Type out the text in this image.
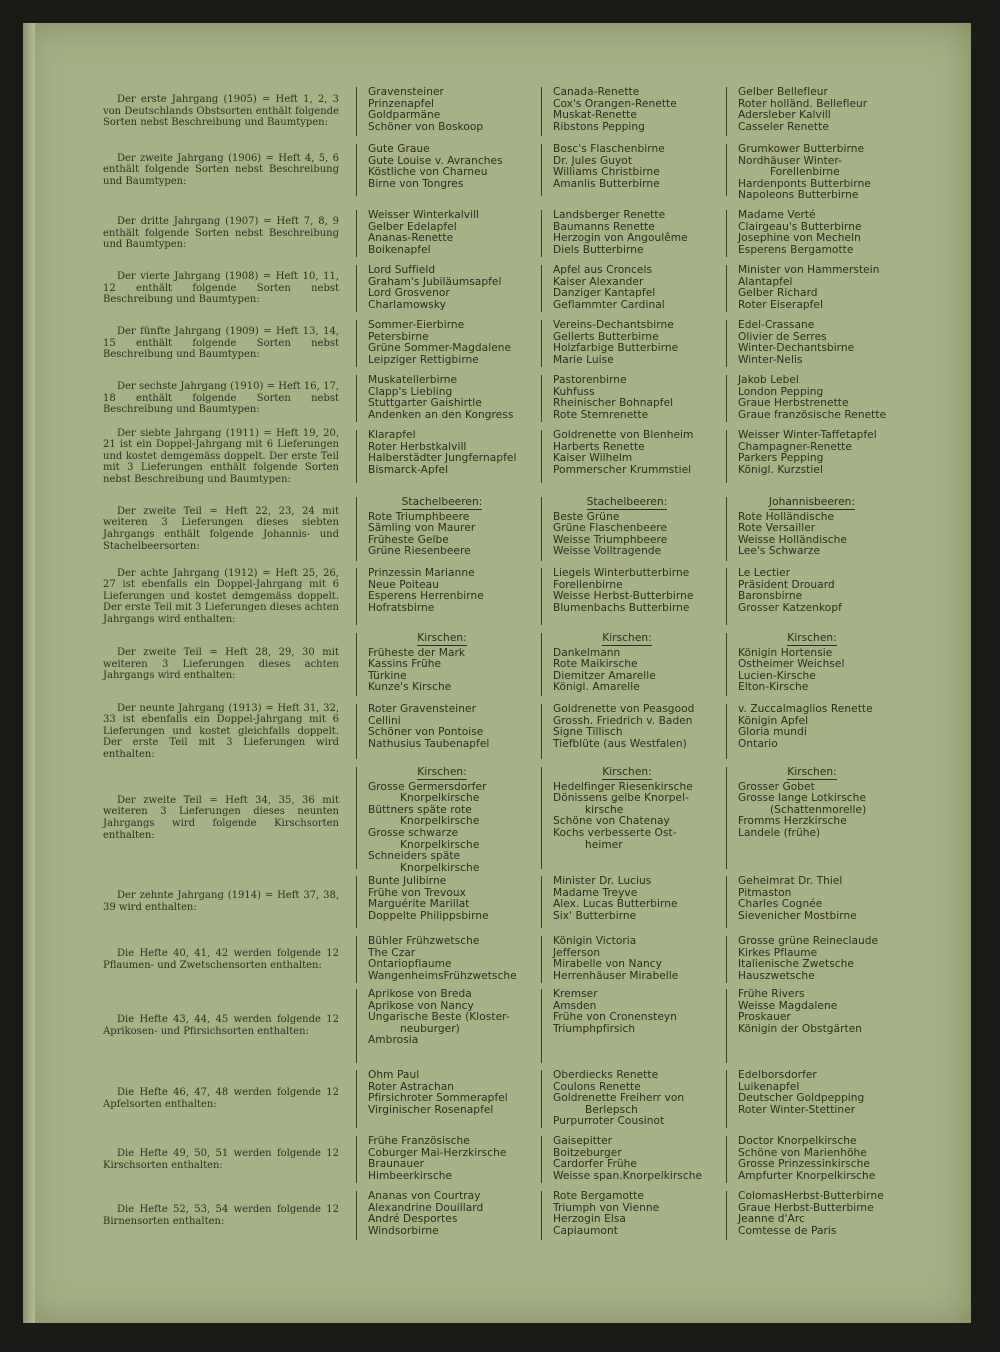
Der erste Jahrgang (1905) = Heft 1, 2, 3 von Deutschlands Obstsorten enthält folgende Sorten nebst Beschreibung und Baumtypen:
Gravensteiner
Prinzenapfel
Goldparmäne
Schöner von Boskoop
Canada-Renette
Cox's Orangen-Renette
Muskat-Renette
Ribstons Pepping
Gelber Bellefleur
Roter holländ. Bellefleur
Adersleber Kalvill
Casseler Renette
Der zweite Jahrgang (1906) = Heft 4, 5, 6 enthält folgende Sorten nebst Beschreibung und Baumtypen:
Gute Graue
Gute Louise v. Avranches
Köstliche von Charneu
Birne von Tongres
Bosc's Flaschenbirne
Dr. Jules Guyot
Williams Christbirne
Amanlis Butterbirne
Grumkower Butterbirne
Nordhäuser Winter-
Forellenbirne
Hardenponts Butterbirne
Napoleons Butterbirne
Der dritte Jahrgang (1907) = Heft 7, 8, 9 enthält folgende Sorten nebst Beschreibung und Baumtypen:
Weisser Winterkalvill
Gelber Edelapfel
Ananas-Renette
Boikenapfel
Landsberger Renette
Baumanns Renette
Herzogin von Angoulême
Diels Butterbirne
Madame Verté
Clairgeau's Butterbirne
Josephine von Mecheln
Esperens Bergamotte
Der vierte Jahrgang (1908) = Heft 10, 11, 12 enthält folgende Sorten nebst Beschreibung und Baumtypen:
Lord Suffield
Graham's Jubiläumsapfel
Lord Grosvenor
Charlamowsky
Apfel aus Croncels
Kaiser Alexander
Danziger Kantapfel
Geflammter Cardinal
Minister von Hammerstein
Alantapfel
Gelber Richard
Roter Eiserapfel
Der fünfte Jahrgang (1909) = Heft 13, 14, 15 enthält folgende Sorten nebst Beschreibung und Baumtypen:
Sommer-Eierbirne
Petersbirne
Grüne Sommer-Magdalene
Leipziger Rettigbirne
Vereins-Dechantsbirne
Gellerts Butterbirne
Holzfarbige Butterbirne
Marie Luise
Edel-Crassane
Olivier de Serres
Winter-Dechantsbirne
Winter-Nelis
Der sechste Jahrgang (1910) = Heft 16, 17, 18 enthält folgende Sorten nebst Beschreibung und Baumtypen:
Muskatellerbirne
Clapp's Liebling
Stuttgarter Gaishirtle
Andenken an den Kongress
Pastorenbirne
Kuhfuss
Rheinischer Bohnapfel
Rote Sternrenette
Jakob Lebel
London Pepping
Graue Herbstrenette
Graue französische Renette
Der siebte Jahrgang (1911) = Heft 19, 20, 21 ist ein Doppel-Jahrgang mit 6 Lieferungen und kostet demgemäss doppelt. Der erste Teil mit 3 Lieferungen enthält folgende Sorten nebst Beschreibung und Baumtypen:
Klarapfel
Roter Herbstkalvill
Halberstädter Jungfernapfel
Bismarck-Apfel
Goldrenette von Blenheim
Harberts Renette
Kaiser Wilhelm
Pommerscher Krummstiel
Weisser Winter-Taffetapfel
Champagner-Renette
Parkers Pepping
Königl. Kurzstiel
Der zweite Teil = Heft 22, 23, 24 mit weiteren 3 Lieferungen dieses siebten Jahrgangs enthält folgende Johannis- und Stachelbeersorten:
Stachelbeeren:
Rote Triumphbeere
Sämling von Maurer
Früheste Gelbe
Grüne Riesenbeere
Stachelbeeren:
Beste Grüne
Grüne Flaschenbeere
Weisse Triumphbeere
Weisse Volltragende
Johannisbeeren:
Rote Holländische
Rote Versailler
Weisse Holländische
Lee's Schwarze
Der achte Jahrgang (1912) = Heft 25, 26, 27 ist ebenfalls ein Doppel-Jahrgang mit 6 Lieferungen und kostet demgemäss doppelt. Der erste Teil mit 3 Lieferungen dieses achten Jahrgangs wird enthalten:
Prinzessin Marianne
Neue Poiteau
Esperens Herrenbirne
Hofratsbirne
Liegels Winterbutterbirne
Forellenbirne
Weisse Herbst-Butterbirne
Blumenbachs Butterbirne
Le Lectier
Präsident Drouard
Baronsbirne
Grosser Katzenkopf
Der zweite Teil = Heft 28, 29, 30 mit weiteren 3 Lieferungen dieses achten Jahrgangs wird enthalten:
Kirschen:
Früheste der Mark
Kassins Frühe
Türkine
Kunze's Kirsche
Kirschen:
Dankelmann
Rote Maikirsche
Diemitzer Amarelle
Königl. Amarelle
Kirschen:
Königin Hortensie
Ostheimer Weichsel
Lucien-Kirsche
Elton-Kirsche
Der neunte Jahrgang (1913) = Heft 31, 32, 33 ist ebenfalls ein Doppel-Jahrgang mit 6 Lieferungen und kostet gleichfalls doppelt. Der erste Teil mit 3 Lieferungen wird enthalten:
Roter Gravensteiner
Cellini
Schöner von Pontoise
Nathusius Taubenapfel
Goldrenette von Peasgood
Grossh. Friedrich v. Baden
Signe Tillisch
Tiefblüte (aus Westfalen)
v. Zuccalmaglios Renette
Königin Apfel
Gloria mundi
Ontario
Der zweite Teil = Heft 34, 35, 36 mit weiteren 3 Lieferungen dieses neunten Jahrgangs wird folgende Kirschsorten enthalten:
Kirschen:
Grosse Germersdorfer
Knorpelkirsche
Büttners späte rote
Knorpelkirsche
Grosse schwarze
Knorpelkirsche
Schneiders späte
Knorpelkirsche
Kirschen:
Hedelfinger Riesenkirsche
Dönissens gelbe Knorpel-
kirsche
Schöne von Chatenay
Kochs verbesserte Ost-
heimer
Kirschen:
Grosser Gobet
Grosse lange Lotkirsche
(Schattenmorelle)
Fromms Herzkirsche
Landele (frühe)
Der zehnte Jahrgang (1914) = Heft 37, 38, 39 wird enthalten:
Bunte Julibirne
Frühe von Trevoux
Marguérite Marillat
Doppelte Philippsbirne
Minister Dr. Lucius
Madame Treyve
Alex. Lucas Butterbirne
Six' Butterbirne
Geheimrat Dr. Thiel
Pitmaston
Charles Cognée
Sievenicher Mostbirne
Die Hefte 40, 41, 42 werden folgende 12 Pflaumen- und Zwetschensorten enthalten:
Bühler Frühzwetsche
The Czar
Ontariopflaume
WangenheimsFrühzwetsche
Königin Victoria
Jefferson
Mirabelle von Nancy
Herrenhäuser Mirabelle
Grosse grüne Reineclaude
Kirkes Pflaume
Italienische Zwetsche
Hauszwetsche
Die Hefte 43, 44, 45 werden folgende 12 Aprikosen- und Pfirsichsorten enthalten:
Aprikose von Breda
Aprikose von Nancy
Ungarische Beste (Kloster-
neuburger)
Ambrosia
Kremser
Amsden
Frühe von Cronensteyn
Triumphpfirsich
Frühe Rivers
Weisse Magdalene
Proskauer
Königin der Obstgärten
Die Hefte 46, 47, 48 werden folgende 12 Apfelsorten enthalten:
Ohm Paul
Roter Astrachan
Pfirsichroter Sommerapfel
Virginischer Rosenapfel
Oberdiecks Renette
Coulons Renette
Goldrenette Freiherr von
Berlepsch
Purpurroter Cousinot
Edelborsdorfer
Luikenapfel
Deutscher Goldpepping
Roter Winter-Stettiner
Die Hefte 49, 50, 51 werden folgende 12 Kirschsorten enthalten:
Frühe Französische
Coburger Mai-Herzkirsche
Braunauer
Himbeerkirsche
Gaisepitter
Boitzeburger
Cardorfer Frühe
Weisse span.Knorpelkirsche
Doctor Knorpelkirsche
Schöne von Marienhöhe
Grosse Prinzessinkirsche
Ampfurter Knorpelkirsche
Die Hefte 52, 53, 54 werden folgende 12 Birnensorten enthalten:
Ananas von Courtray
Alexandrine Douillard
André Desportes
Windsorbirne
Rote Bergamotte
Triumph von Vienne
Herzogin Elsa
Capiaumont
ColomasHerbst-Butterbirne
Graue Herbst-Butterbirne
Jeanne d'Arc
Comtesse de Paris
